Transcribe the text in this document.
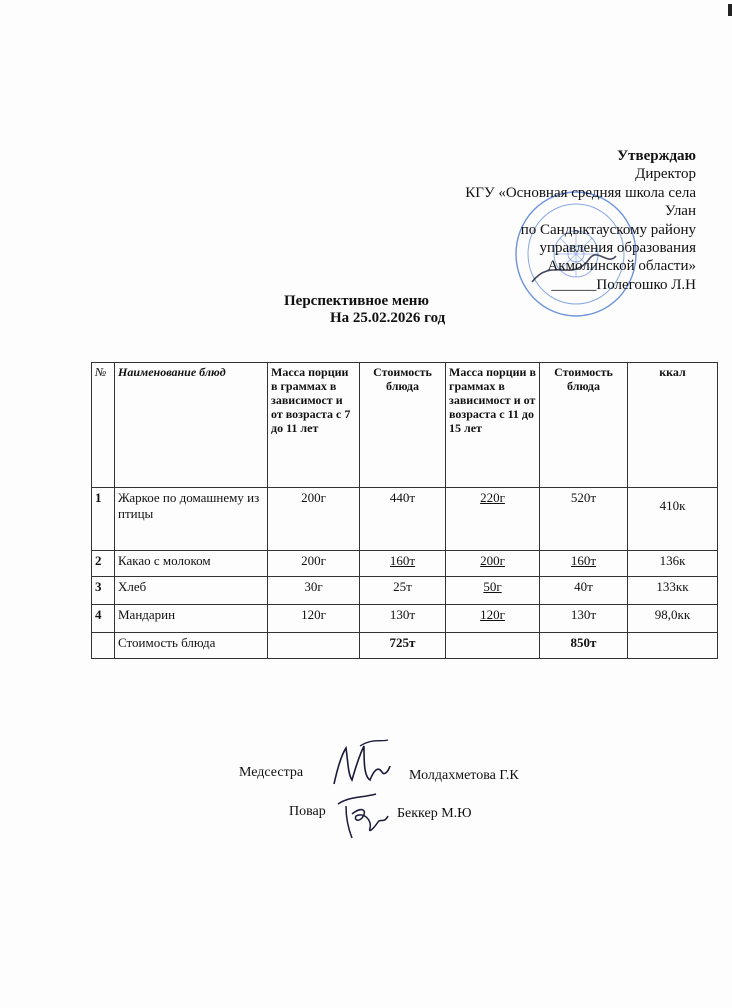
Утверждаю
Директор
КГУ «Основная средняя школа села
Улан
по Сандыктаускому району
управления образования
Акмолинской области»
______Полегошко Л.Н
Перспективное меню
На 25.02.2026 год
№	Наименование блюд	Масса порции в граммах в зависимост и от возраста с 7 до 11 лет	Стоимость блюда	Масса порции в граммах в зависимост и от возраста с 11 до 15 лет	Стоимость блюда	ккал
1	Жаркое по домашнему из птицы	200г	440т	220г	520т	410к
2	Какао с молоком	200г	160т	200г	160т	136к
3	Хлеб	30г	25т	50г	40т	133кк
4	Мандарин	120г	130т	120г	130т	98,0кк
	Стоимость блюда		725т		850т	
Медсестра	Молдахметова Г.К
Повар	Беккер М.Ю
